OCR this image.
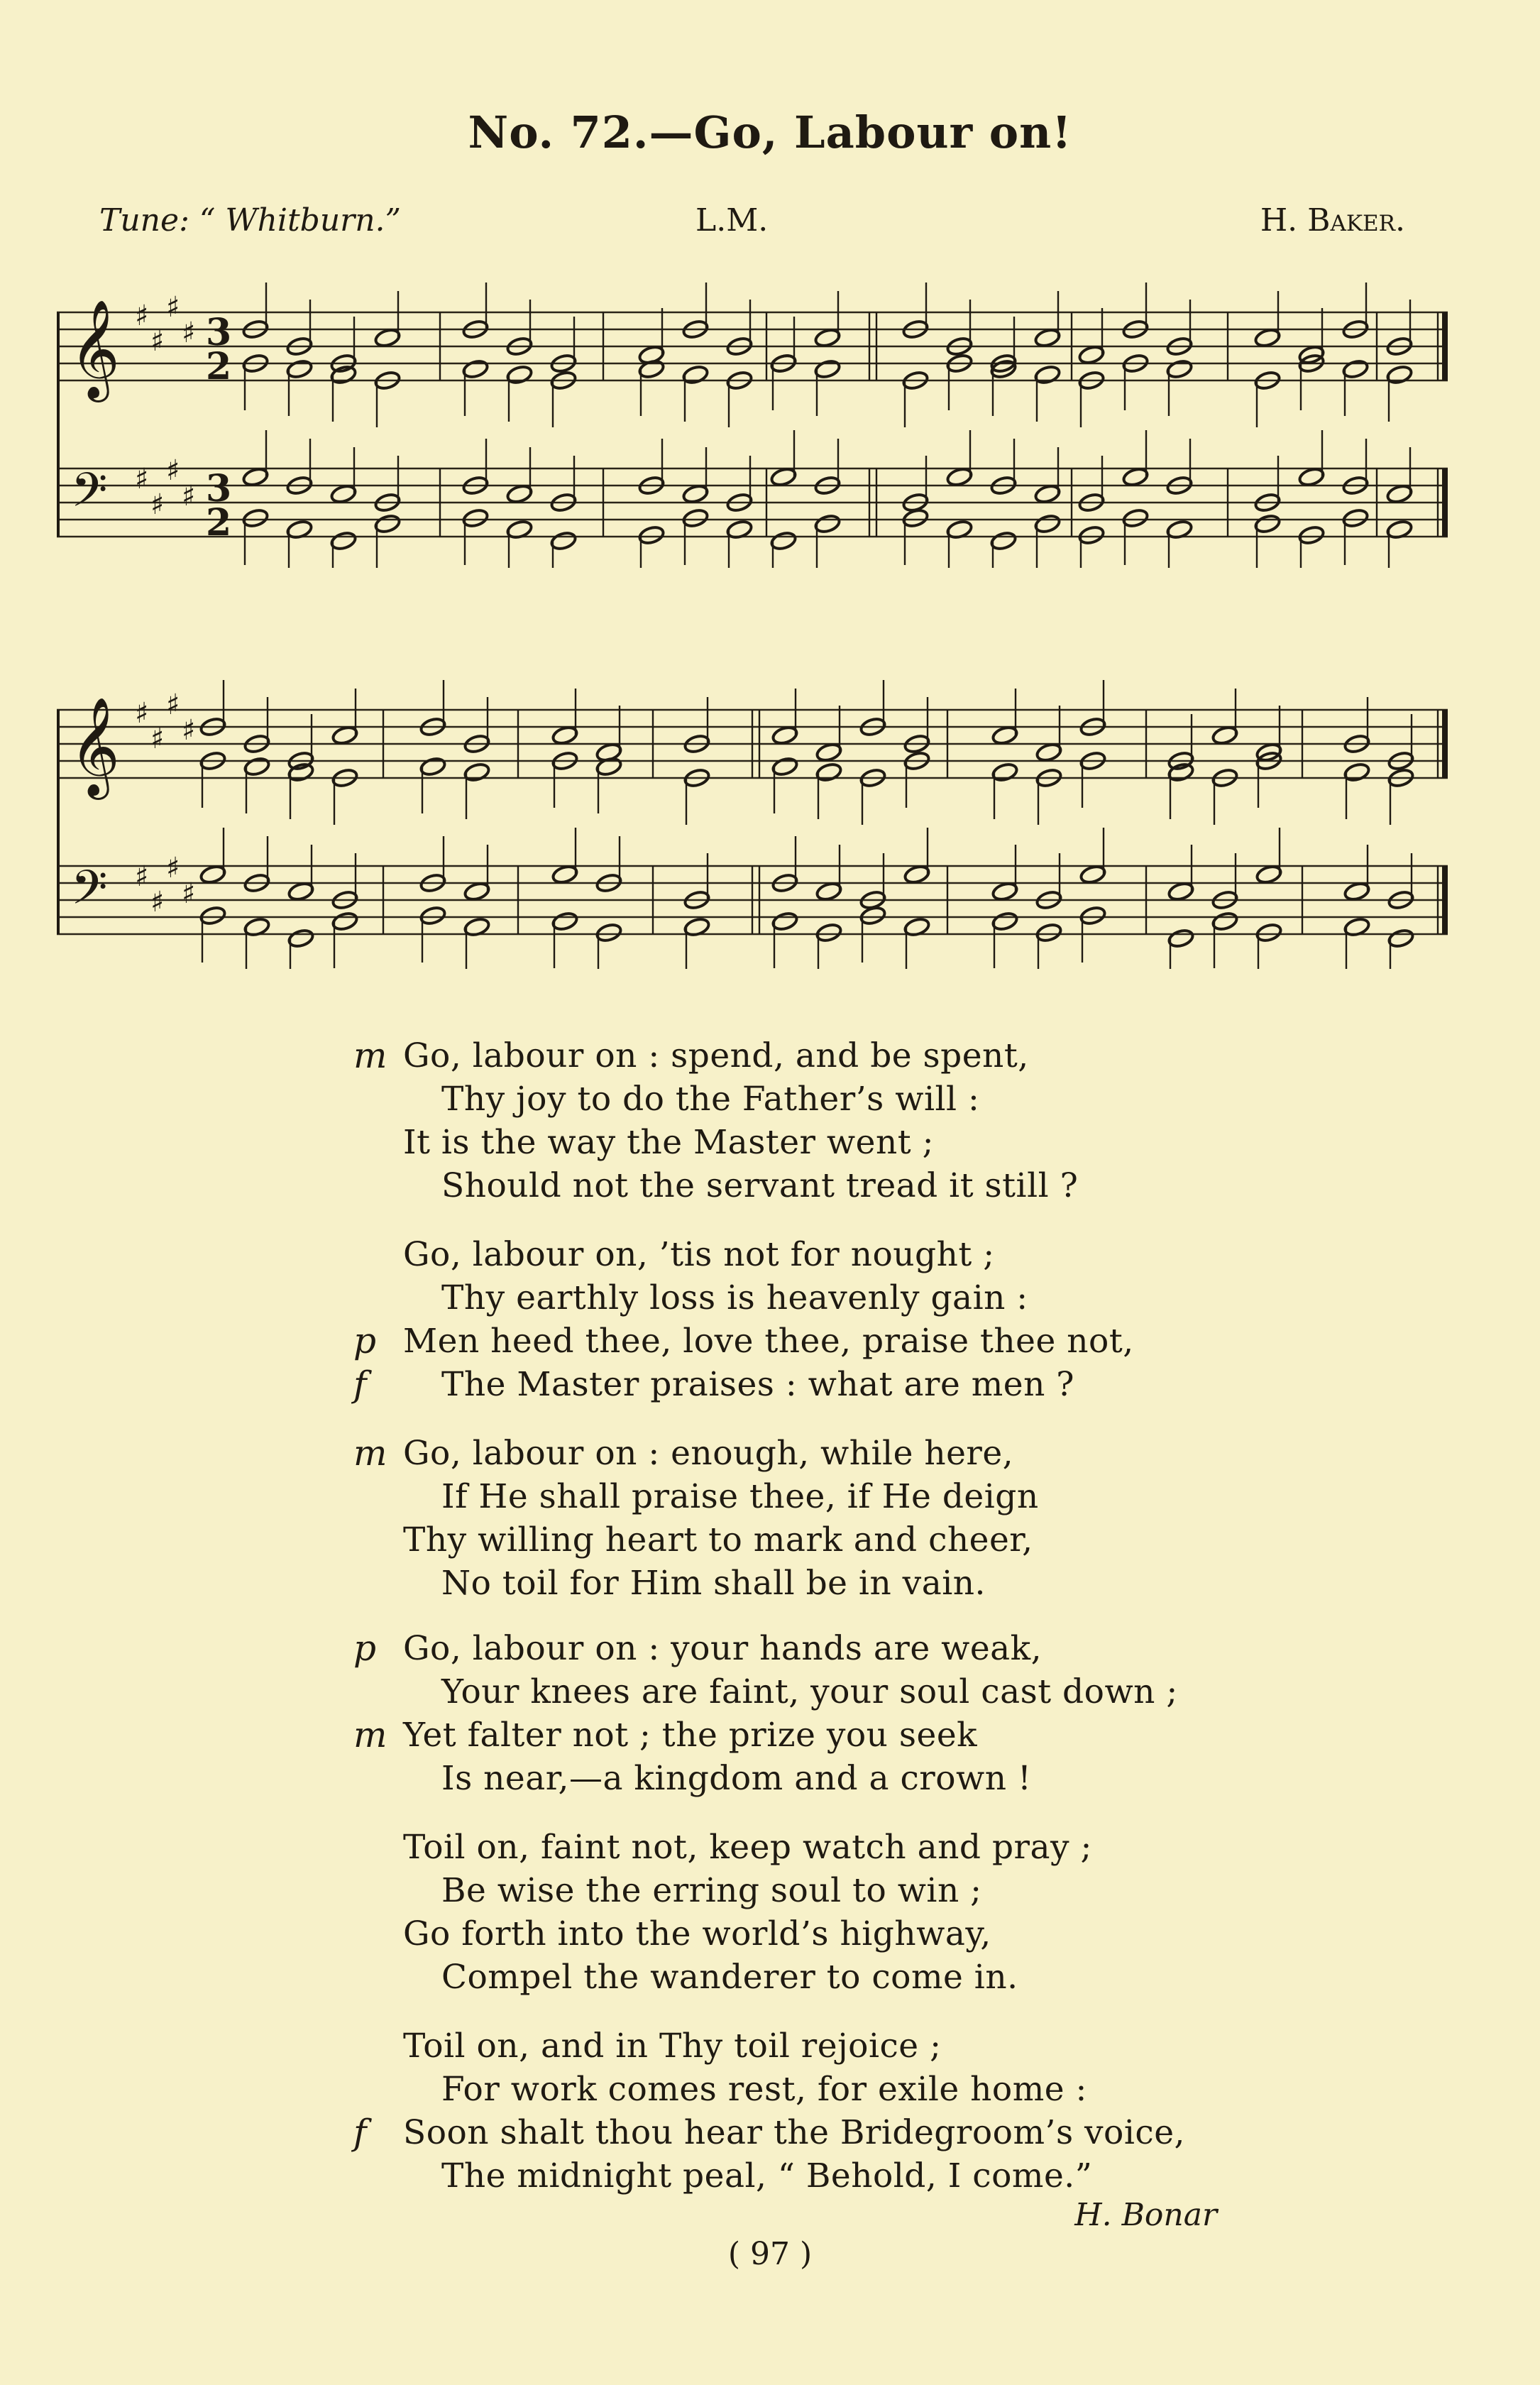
No. 72.—Go, Labour on!
Tune: “ Whitburn.”	L.M.	H. Baker.
𝄞
𝄢
♯
♯
♯
♯
♯
♯
♯
♯
3
2
3
2
𝄞
𝄢
♯
♯
♯
♯
♯
♯
♯
♯
m Go, labour on : spend, and be spent,
Thy joy to do the Father’s will :
It is the way the Master went ;
Should not the servant tread it still ?
Go, labour on, ’tis not for nought ;
Thy earthly loss is heavenly gain :
p Men heed thee, love thee, praise thee not,
f The Master praises : what are men ?
m Go, labour on : enough, while here,
If He shall praise thee, if He deign
Thy willing heart to mark and cheer,
No toil for Him shall be in vain.
p Go, labour on : your hands are weak,
Your knees are faint, your soul cast down ;
m Yet falter not ; the prize you seek
Is near,—a kingdom and a crown !
Toil on, faint not, keep watch and pray ;
Be wise the erring soul to win ;
Go forth into the world’s highway,
Compel the wanderer to come in.
Toil on, and in Thy toil rejoice ;
For work comes rest, for exile home :
f Soon shalt thou hear the Bridegroom’s voice,
The midnight peal, “ Behold, I come.”
H. Bonar
( 97 )
